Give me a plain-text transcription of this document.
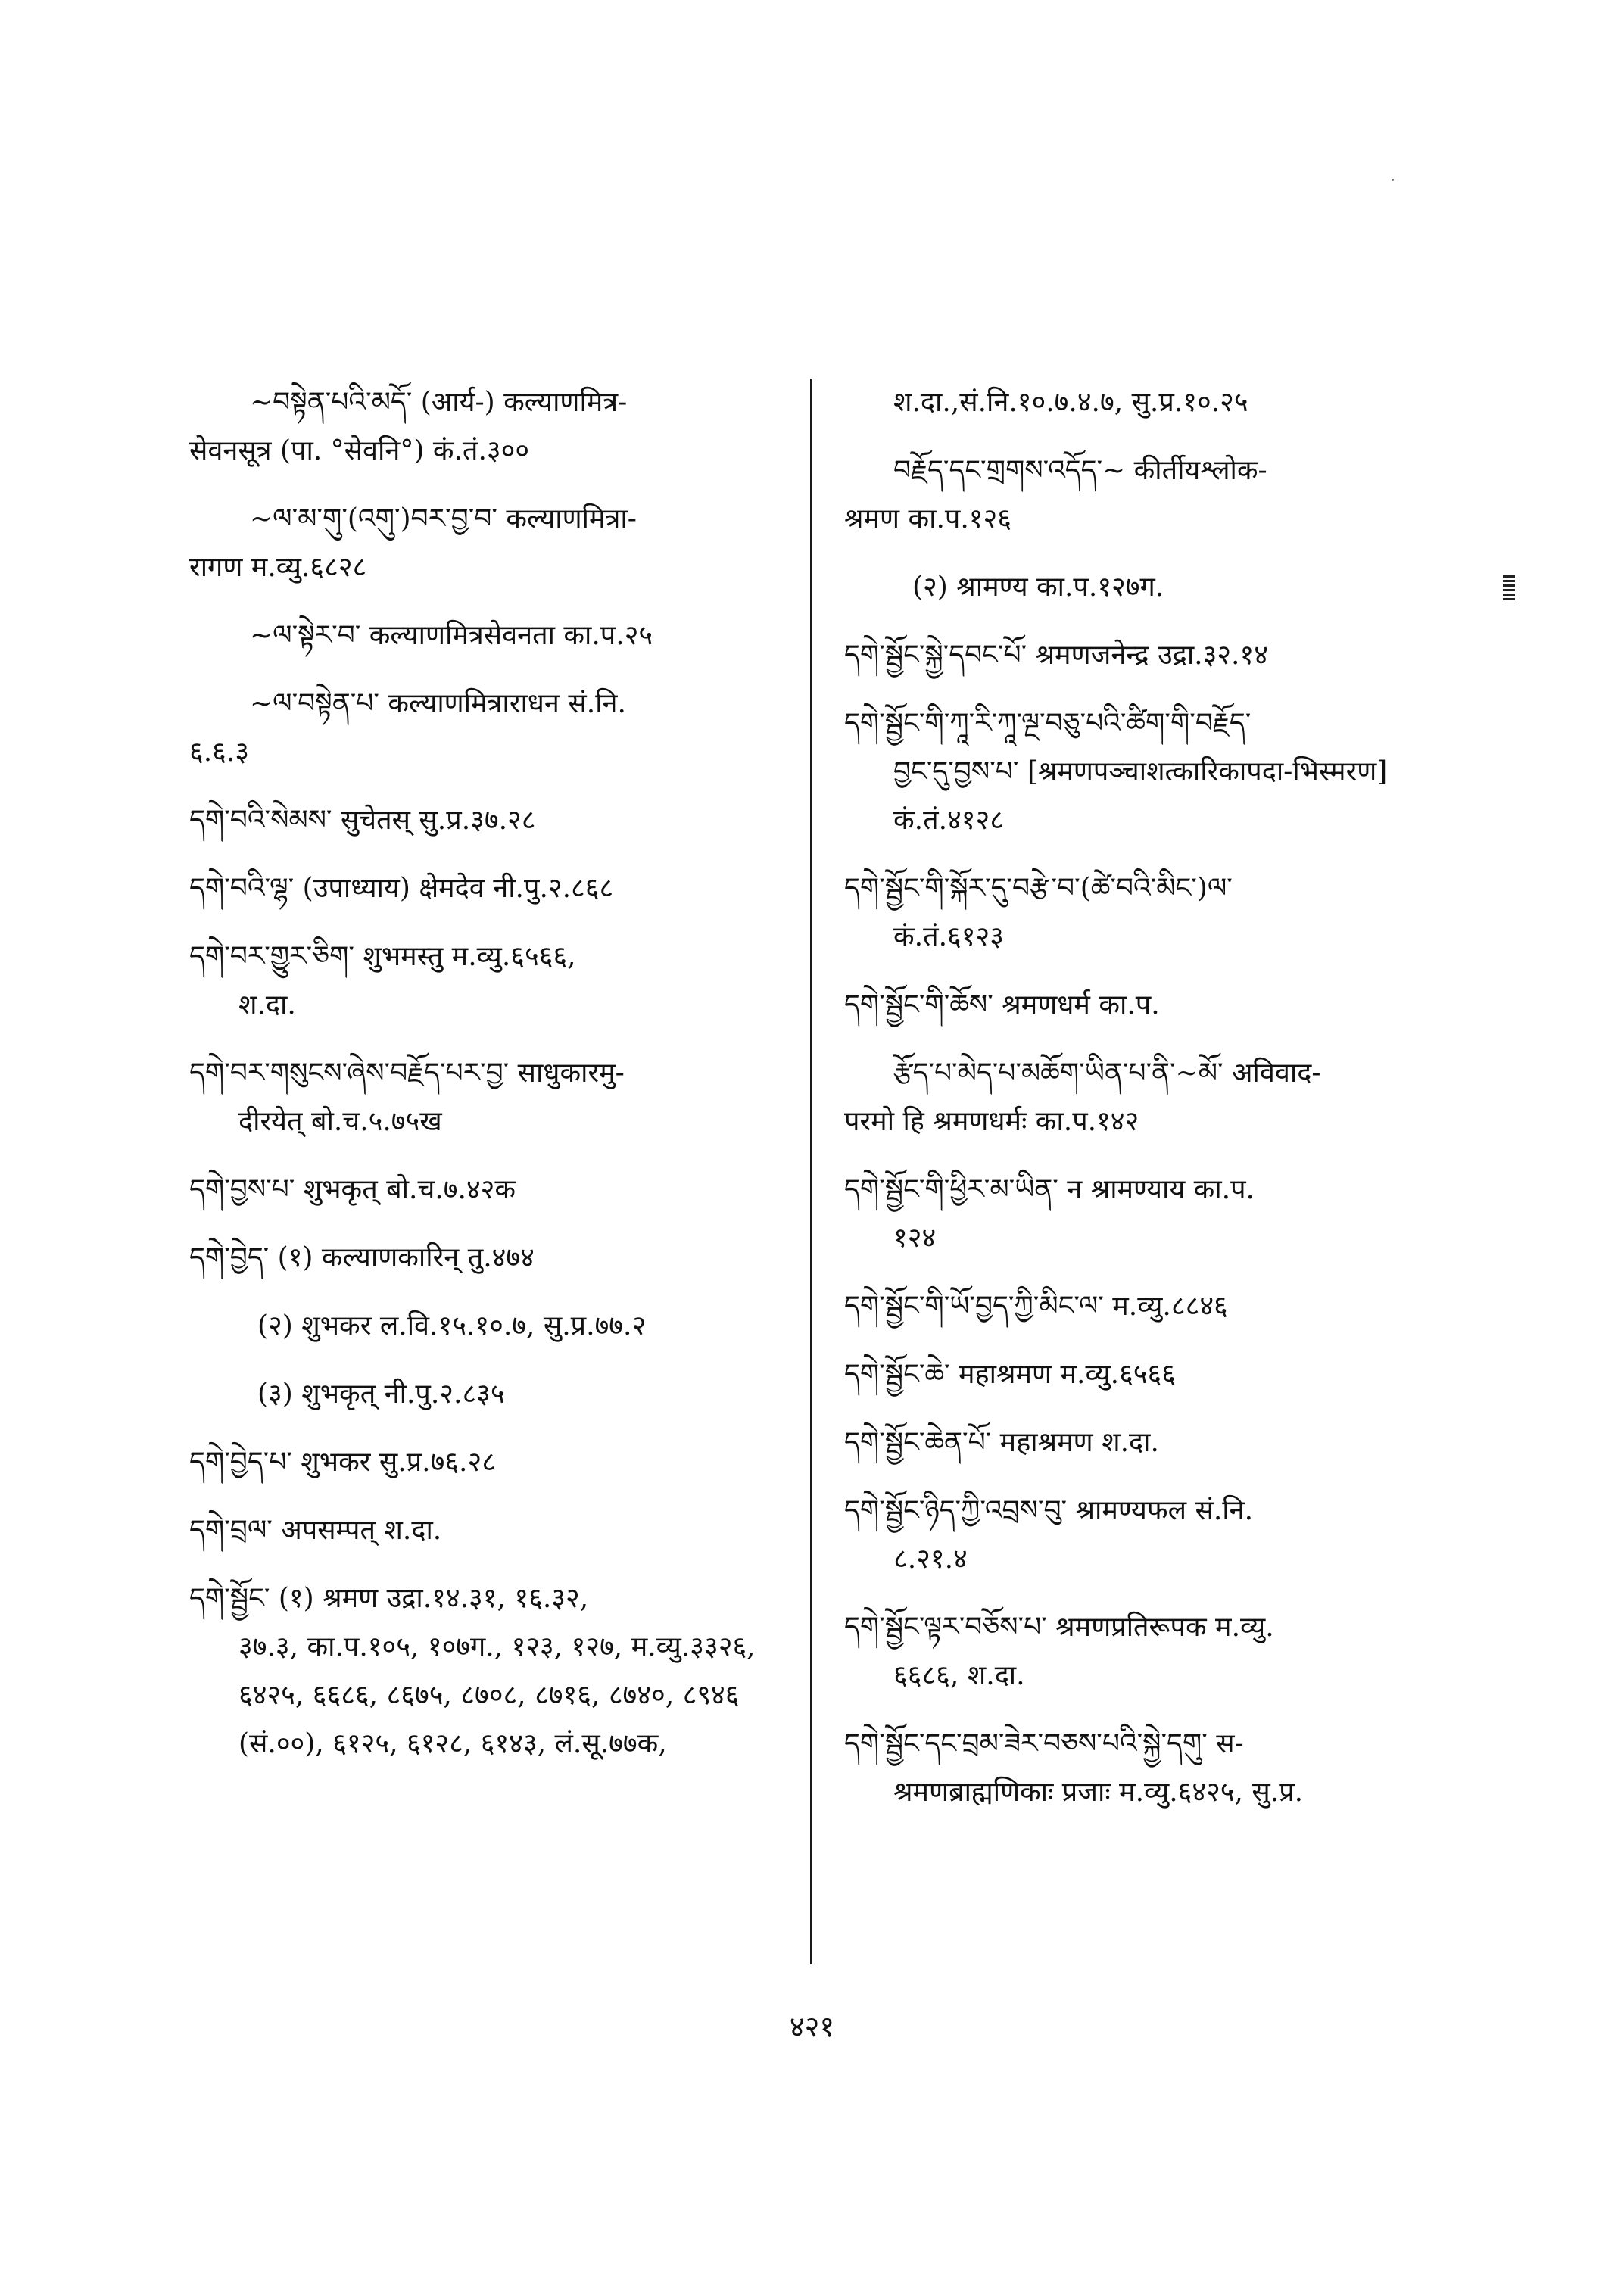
~བསྟེན་པའི་མདོ་ (आर्य-) कल्याणमित्र-
सेवनसूत्र (पा. °सेवनि°) कं.तं.३००
~ལ་མ་གུ་(འགུ་)བར་བྱ་བ་ कल्याणमित्रा-
रागण म.व्यु.६८२८
~ལ་སྟེར་བ་ कल्याणमित्रसेवनता का.प.२५
~ལ་བསྟེན་པ་ कल्याणमित्राराधन सं.नि.
६.६.३
དགེ་བའི་སེམས་ सुचेतस् सु.प्र.३७.२८
དགེ་བའི་ལྷ་ (उपाध्याय) क्षेमदेव नी.पु.२.८६८
དགེ་བར་གྱུར་ཅིག་ शुभमस्तु म.व्यु.६५६६,
श.दा.
དགེ་བར་གསུངས་ཞེས་བརྗོད་པར་བྱ་ साधुकारमु-
दीरयेत् बो.च.५.७५ख
དགེ་བྱས་པ་ शुभकृत् बो.च.७.४२क
དགེ་བྱེད་ (१) कल्याणकारिन् तु.४७४
(२) शुभकर ल.वि.१५.१०.७, सु.प्र.७७.२
(३) शुभकृत् नी.पु.२.८३५
དགེ་བྱེད་པ་ शुभकर सु.प्र.७६.२८
དགེ་བྲལ་ अपसम्पत् श.दा.
དགེ་སྦྱོང་ (१) श्रमण उद्रा.१४.३१, १६.३२,
३७.३, का.प.१०५, १०७ग., १२३, १२७, म.व्यु.३३२६, ६४२५, ६६८६, ८६७५, ८७०८, ८७१६, ८७४०, ८९४६ (सं.००), ६१२५, ६१२८, ६१४३, लं.सू.७७क,
श.दा.,सं.नि.१०.७.४.७, सु.प्र.१०.२५
བརྗོད་དང་གྲགས་འདོད་~ कीर्तीयश्लोक-
श्रमण का.प.१२६
(२) श्रामण्य का.प.१२७ग.
དགེ་སྦྱོང་སྐྱེ་དབང་པོ་ श्रमणजनेन्द्र उद्रा.३२.१४
དགེ་སྦྱོང་གི་ཀཱ་རི་ཀཱ་ལྔ་བཅུ་པའི་ཚིག་གི་བརྗོད་
བྱང་དུ་བྱས་པ་ [श्रमणपञ्चाशत्कारिकापदा-भिस्मरण] कं.तं.४१२८
དགེ་སྦྱོང་གི་སྐོར་དུ་བརྩེ་བ་(ཚེ་བའི་མིང་)ལ་
कं.तं.६१२३
དགེ་སྦྱོང་གི་ཆོས་ श्रमणधर्म का.प.
རྩོད་པ་མེད་པ་མཆོག་ཡིན་པ་ནི་~མོ་ अविवाद-
परमो हि श्रमणधर्मः का.प.१४२
དགེ་སྦྱོང་གི་ཕྱིར་མ་ཡིན་ न श्रामण्याय का.प.
१२४
དགེ་སྦྱོང་གི་ཡོ་བྱད་ཀྱི་མིང་ལ་ म.व्यु.८८४६
དགེ་སྦྱོང་ཆེ་ महाश्रमण म.व्यु.६५६६
དགེ་སྦྱོང་ཆེན་པོ་ महाश्रमण श.दा.
དགེ་སྦྱོང་ཉིད་ཀྱི་འབྲས་བུ་ श्रामण्यफल सं.नि.
८.२१.४
དགེ་སྦྱོང་ལྟར་བཅོས་པ་ श्रमणप्रतिरूपक म.व्यु.
६६८६, श.दा.
དགེ་སྦྱོང་དང་བྲམ་ཟེར་བཅས་པའི་སྐྱེ་དགུ་ स-
श्रमणब्राह्मणिकाः प्रजाः म.व्यु.६४२५, सु.प्र.
४२१
